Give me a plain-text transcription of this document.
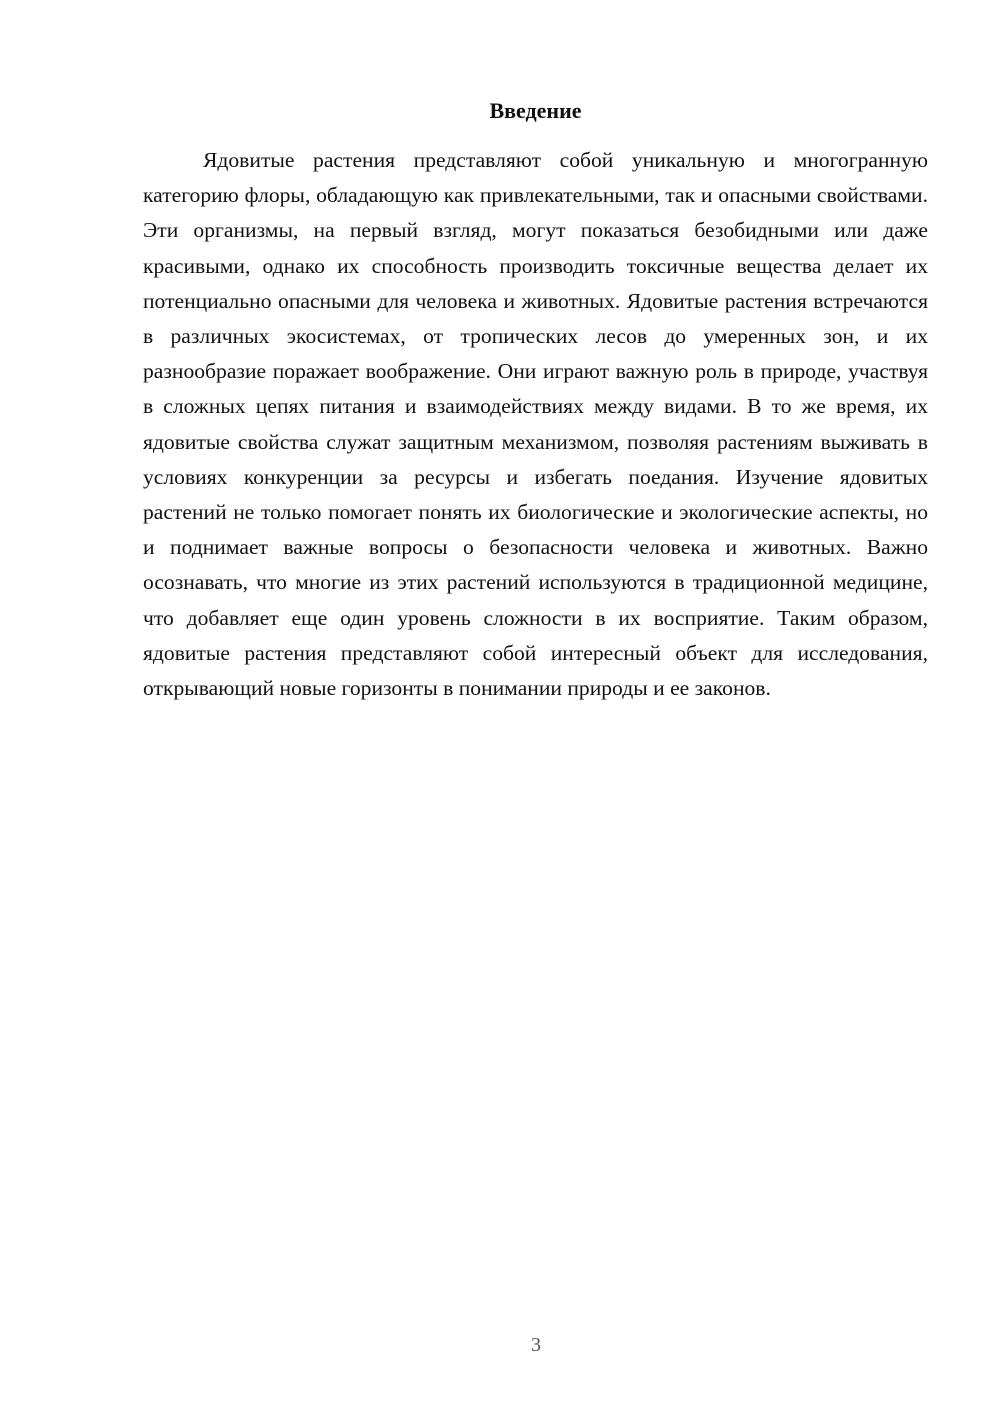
Введение

Ядовитые растения представляют собой уникальную и многогранную категорию флоры, обладающую как привлекательными, так и опасными свойствами. Эти организмы, на первый взгляд, могут показаться безобидными или даже красивыми, однако их способность производить токсичные вещества делает их потенциально опасными для человека и животных. Ядовитые растения встречаются в различных экосистемах, от тропических лесов до умеренных зон, и их разнообразие поражает воображение. Они играют важную роль в природе, участвуя в сложных цепях питания и взаимодействиях между видами. В то же время, их ядовитые свойства служат защитным механизмом, позволяя растениям выживать в условиях конкуренции за ресурсы и избегать поедания. Изучение ядовитых растений не только помогает понять их биологические и экологические аспекты, но и поднимает важные вопросы о безопасности человека и животных. Важно осознавать, что многие из этих растений используются в традиционной медицине, что добавляет еще один уровень сложности в их восприятие. Таким образом, ядовитые растения представляют собой интересный объект для исследования, открывающий новые горизонты в понимании природы и ее законов.

3
